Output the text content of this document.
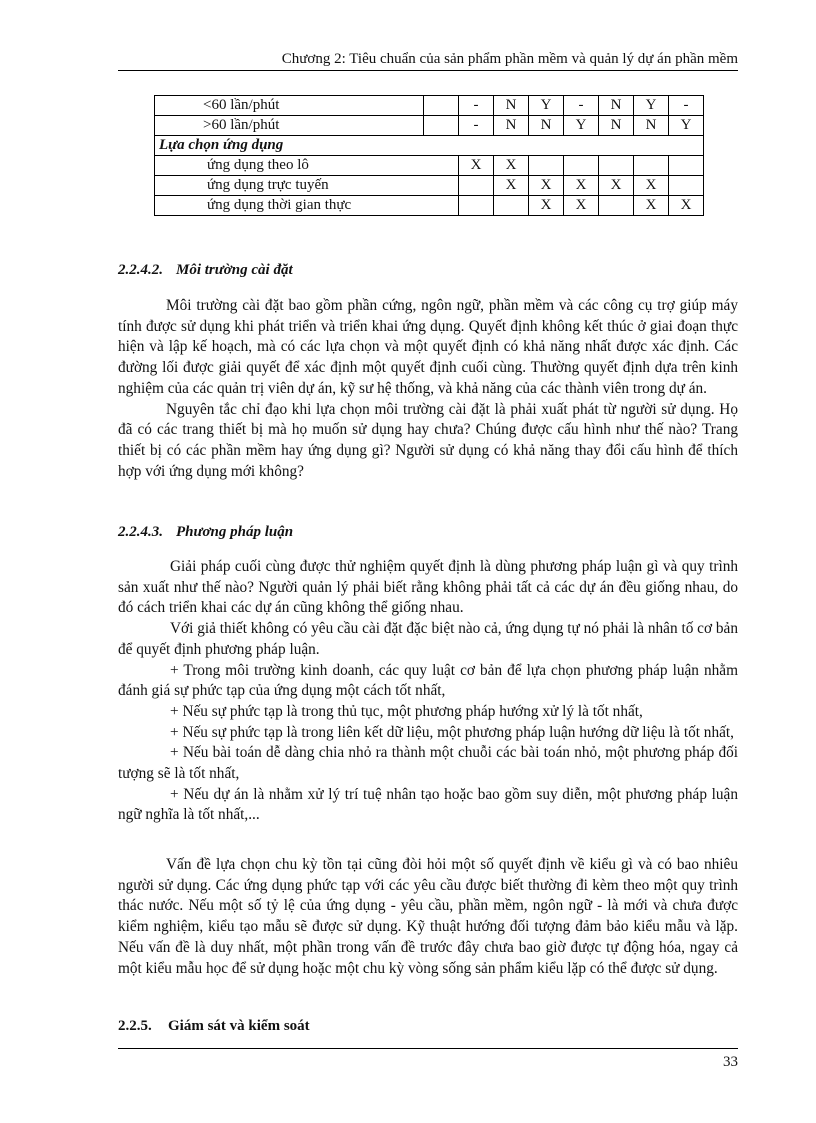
Chương 2: Tiêu chuẩn của sản phẩm phần mềm và quản lý dự án phần mềm
<60 lần/phút		-	N	Y	-	N	Y	-
>60 lần/phút		-	N	N	Y	N	N	Y
Lựa chọn ứng dụng								
ứng dụng theo lô		X	X					
ứng dụng trực tuyến			X	X	X	X	X	
ứng dụng thời gian thực				X	X		X	X
2.2.4.2. Môi trường cài đặt

Môi trường cài đặt bao gồm phần cứng, ngôn ngữ, phần mềm và các công cụ trợ giúp máy tính được sử dụng khi phát triển và triển khai ứng dụng. Quyết định không kết thúc ở giai đoạn thực hiện và lập kế hoạch, mà có các lựa chọn và một quyết định có khả năng nhất được xác định. Các đường lối được giải quyết để xác định một quyết định cuối cùng. Thường quyết định dựa trên kinh nghiệm của các quản trị viên dự án, kỹ sư hệ thống, và khả năng của các thành viên trong dự án.

Nguyên tắc chỉ đạo khi lựa chọn môi trường cài đặt là phải xuất phát từ người sử dụng. Họ đã có các trang thiết bị mà họ muốn sử dụng hay chưa? Chúng được cấu hình như thế nào? Trang thiết bị có các phần mềm hay ứng dụng gì? Người sử dụng có khả năng thay đổi cấu hình để thích hợp với ứng dụng mới không?

2.2.4.3. Phương pháp luận

Giải pháp cuối cùng được thử nghiệm quyết định là dùng phương pháp luận gì và quy trình sản xuất như thế nào? Người quản lý phải biết rằng không phải tất cả các dự án đều giống nhau, do đó cách triển khai các dự án cũng không thể giống nhau.

Với giả thiết không có yêu cầu cài đặt đặc biệt nào cả, ứng dụng tự nó phải là nhân tố cơ bản để quyết định phương pháp luận.

+ Trong môi trường kinh doanh, các quy luật cơ bản để lựa chọn phương pháp luận nhằm đánh giá sự phức tạp của ứng dụng một cách tốt nhất,

+ Nếu sự phức tạp là trong thủ tục, một phương pháp hướng xử lý là tốt nhất,

+ Nếu sự phức tạp là trong liên kết dữ liệu, một phương pháp luận hướng dữ liệu là tốt nhất,

+ Nếu bài toán dễ dàng chia nhỏ ra thành một chuỗi các bài toán nhỏ, một phương pháp đối tượng sẽ là tốt nhất,

+ Nếu dự án là nhằm xử lý trí tuệ nhân tạo hoặc bao gồm suy diễn, một phương pháp luận ngữ nghĩa là tốt nhất,...

Vấn đề lựa chọn chu kỳ tồn tại cũng đòi hỏi một số quyết định về kiểu gì và có bao nhiêu người sử dụng. Các ứng dụng phức tạp với các yêu cầu được biết thường đi kèm theo một quy trình thác nước. Nếu một số tỷ lệ của ứng dụng - yêu cầu, phần mềm, ngôn ngữ - là mới và chưa được kiểm nghiệm, kiểu tạo mẫu sẽ được sử dụng. Kỹ thuật hướng đối tượng đảm bảo kiểu mẫu và lặp. Nếu vấn đề là duy nhất, một phần trong vấn đề trước đây chưa bao giờ được tự động hóa, ngay cả một kiểu mẫu học để sử dụng hoặc một chu kỳ vòng sống sản phẩm kiểu lặp có thể được sử dụng.

2.2.5. Giám sát và kiểm soát
33
